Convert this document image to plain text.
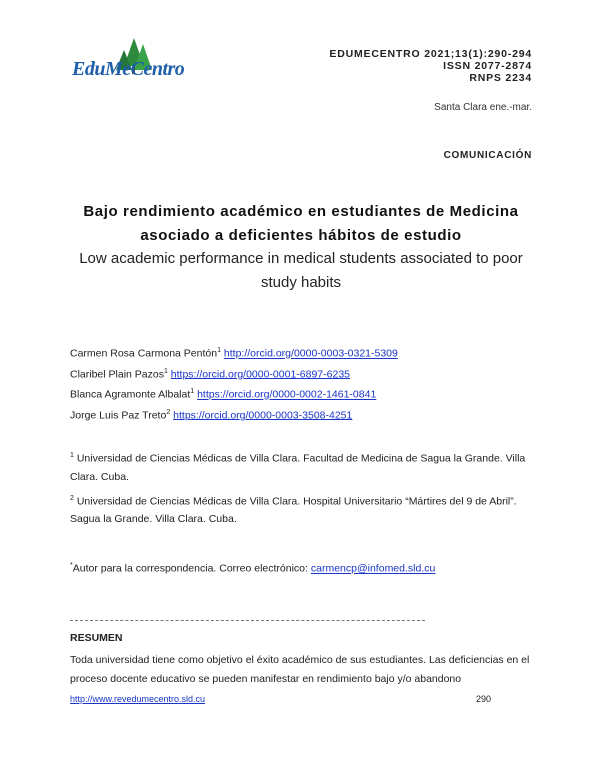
EduMeCentro
EDUMECENTRO 2021;13(1):290-294
ISSN 2077-2874
RNPS 2234
Santa Clara ene.-mar.
COMUNICACIÓN
Bajo rendimiento académico en estudiantes de Medicina asociado a deficientes hábitos de estudio
Low academic performance in medical students associated to poor study habits
Carmen Rosa Carmona Pentón$^1$ http://orcid.org/0000-0003-0321-5309
Claribel Plain Pazos$^1$ https://orcid.org/0000-0001-6897-6235
Blanca Agramonte Albalat$^1$ https://orcid.org/0000-0002-1461-0841
Jorge Luis Paz Treto$^2$ https://orcid.org/0000-0003-3508-4251

$^1$ Universidad de Ciencias Médicas de Villa Clara. Facultad de Medicina de Sagua la Grande. Villa Clara. Cuba.

$^2$ Universidad de Ciencias Médicas de Villa Clara. Hospital Universitario “Mártires del 9 de Abril”. Sagua la Grande. Villa Clara. Cuba.

*Autor para la correspondencia. Correo electrónico: carmencp@infomed.sld.cu
RESUMEN
Toda universidad tiene como objetivo el éxito académico de sus estudiantes. Las deficiencias en el proceso docente educativo se pueden manifestar en rendimiento bajo y/o abandono
http://www.revedumecentro.sld.cu	290
